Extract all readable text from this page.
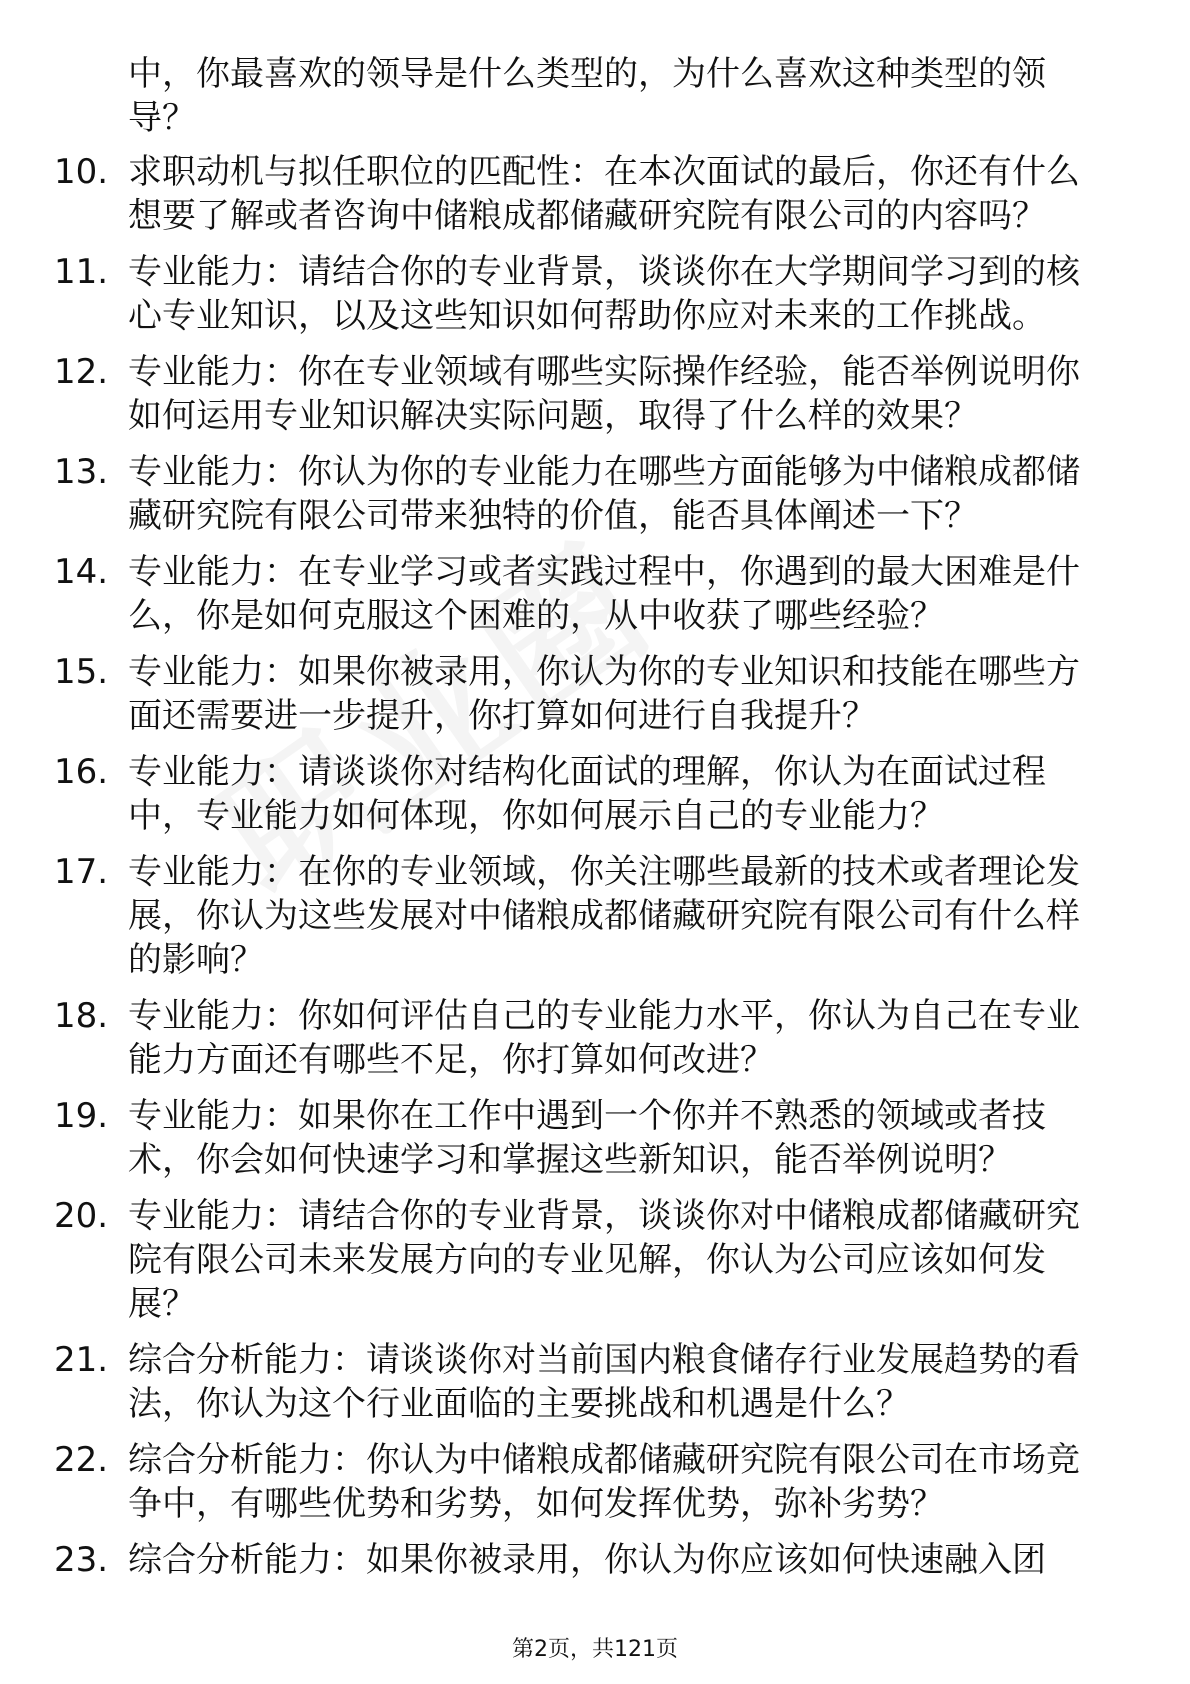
中，你最喜欢的领导是什么类型的，为什么喜欢这种类型的领导？
10. 求职动机与拟任职位的匹配性：在本次面试的最后，你还有什么想要了解或者咨询中储粮成都储藏研究院有限公司的内容吗？
11. 专业能力：请结合你的专业背景，谈谈你在大学期间学习到的核心专业知识，以及这些知识如何帮助你应对未来的工作挑战。
12. 专业能力：你在专业领域有哪些实际操作经验，能否举例说明你如何运用专业知识解决实际问题，取得了什么样的效果？
13. 专业能力：你认为你的专业能力在哪些方面能够为中储粮成都储藏研究院有限公司带来独特的价值，能否具体阐述一下？
14. 专业能力：在专业学习或者实践过程中，你遇到的最大困难是什么，你是如何克服这个困难的，从中收获了哪些经验？
15. 专业能力：如果你被录用，你认为你的专业知识和技能在哪些方面还需要进一步提升，你打算如何进行自我提升？
16. 专业能力：请谈谈你对结构化面试的理解，你认为在面试过程中，专业能力如何体现，你如何展示自己的专业能力？
17. 专业能力：在你的专业领域，你关注哪些最新的技术或者理论发展，你认为这些发展对中储粮成都储藏研究院有限公司有什么样的影响？
18. 专业能力：你如何评估自己的专业能力水平，你认为自己在专业能力方面还有哪些不足，你打算如何改进？
19. 专业能力：如果你在工作中遇到一个你并不熟悉的领域或者技术，你会如何快速学习和掌握这些新知识，能否举例说明？
20. 专业能力：请结合你的专业背景，谈谈你对中储粮成都储藏研究院有限公司未来发展方向的专业见解，你认为公司应该如何发展？
21. 综合分析能力：请谈谈你对当前国内粮食储存行业发展趋势的看法，你认为这个行业面临的主要挑战和机遇是什么？
22. 综合分析能力：你认为中储粮成都储藏研究院有限公司在市场竞争中，有哪些优势和劣势，如何发挥优势，弥补劣势？
23. 综合分析能力：如果你被录用，你认为你应该如何快速融入团
第2页，共121页
